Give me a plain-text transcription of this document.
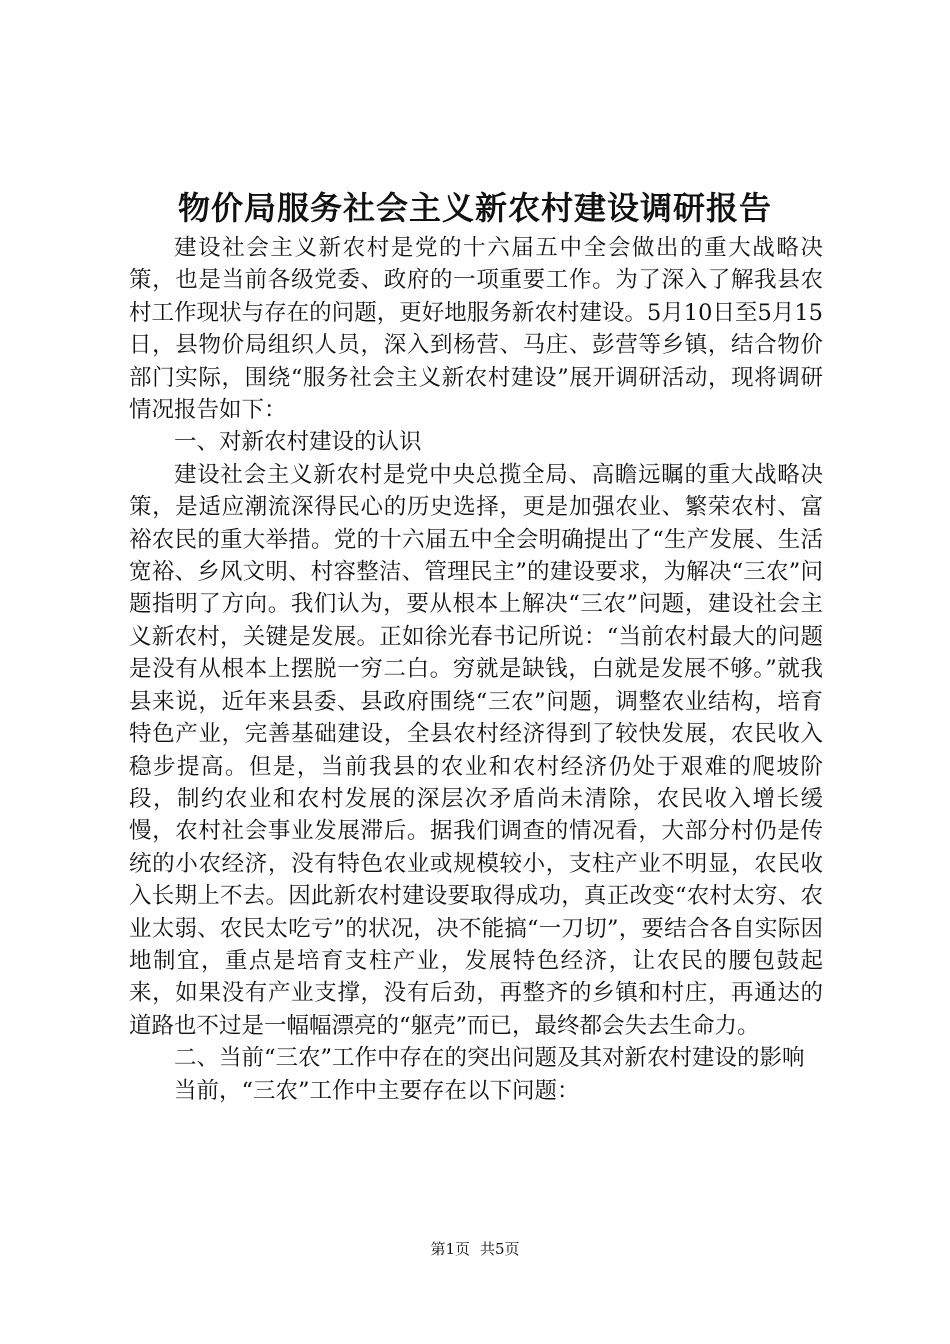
物价局服务社会主义新农村建设调研报告

建设社会主义新农村是党的十六届五中全会做出的重大战略决策，也是当前各级党委、政府的一项重要工作。为了深入了解我县农村工作现状与存在的问题，更好地服务新农村建设。5月10日至5月15日，县物价局组织人员，深入到杨营、马庄、彭营等乡镇，结合物价部门实际，围绕“服务社会主义新农村建设”展开调研活动，现将调研情况报告如下：

一、对新农村建设的认识

建设社会主义新农村是党中央总揽全局、高瞻远瞩的重大战略决策，是适应潮流深得民心的历史选择，更是加强农业、繁荣农村、富裕农民的重大举措。党的十六届五中全会明确提出了“生产发展、生活宽裕、乡风文明、村容整洁、管理民主”的建设要求，为解决“三农”问题指明了方向。我们认为，要从根本上解决“三农”问题，建设社会主义新农村，关键是发展。正如徐光春书记所说：“当前农村最大的问题是没有从根本上摆脱一穷二白。穷就是缺钱，白就是发展不够。”就我县来说，近年来县委、县政府围绕“三农”问题，调整农业结构，培育特色产业，完善基础建设，全县农村经济得到了较快发展，农民收入稳步提高。但是，当前我县的农业和农村经济仍处于艰难的爬坡阶段，制约农业和农村发展的深层次矛盾尚未清除，农民收入增长缓慢，农村社会事业发展滞后。据我们调查的情况看，大部分村仍是传统的小农经济，没有特色农业或规模较小，支柱产业不明显，农民收入长期上不去。因此新农村建设要取得成功，真正改变“农村太穷、农业太弱、农民太吃亏”的状况，决不能搞“一刀切”，要结合各自实际因地制宜，重点是培育支柱产业，发展特色经济，让农民的腰包鼓起来，如果没有产业支撑，没有后劲，再整齐的乡镇和村庄，再通达的道路也不过是一幅幅漂亮的“躯壳”而已，最终都会失去生命力。

二、当前“三农”工作中存在的突出问题及其对新农村建设的影响

当前，“三农”工作中主要存在以下问题：

第1页 共5页
